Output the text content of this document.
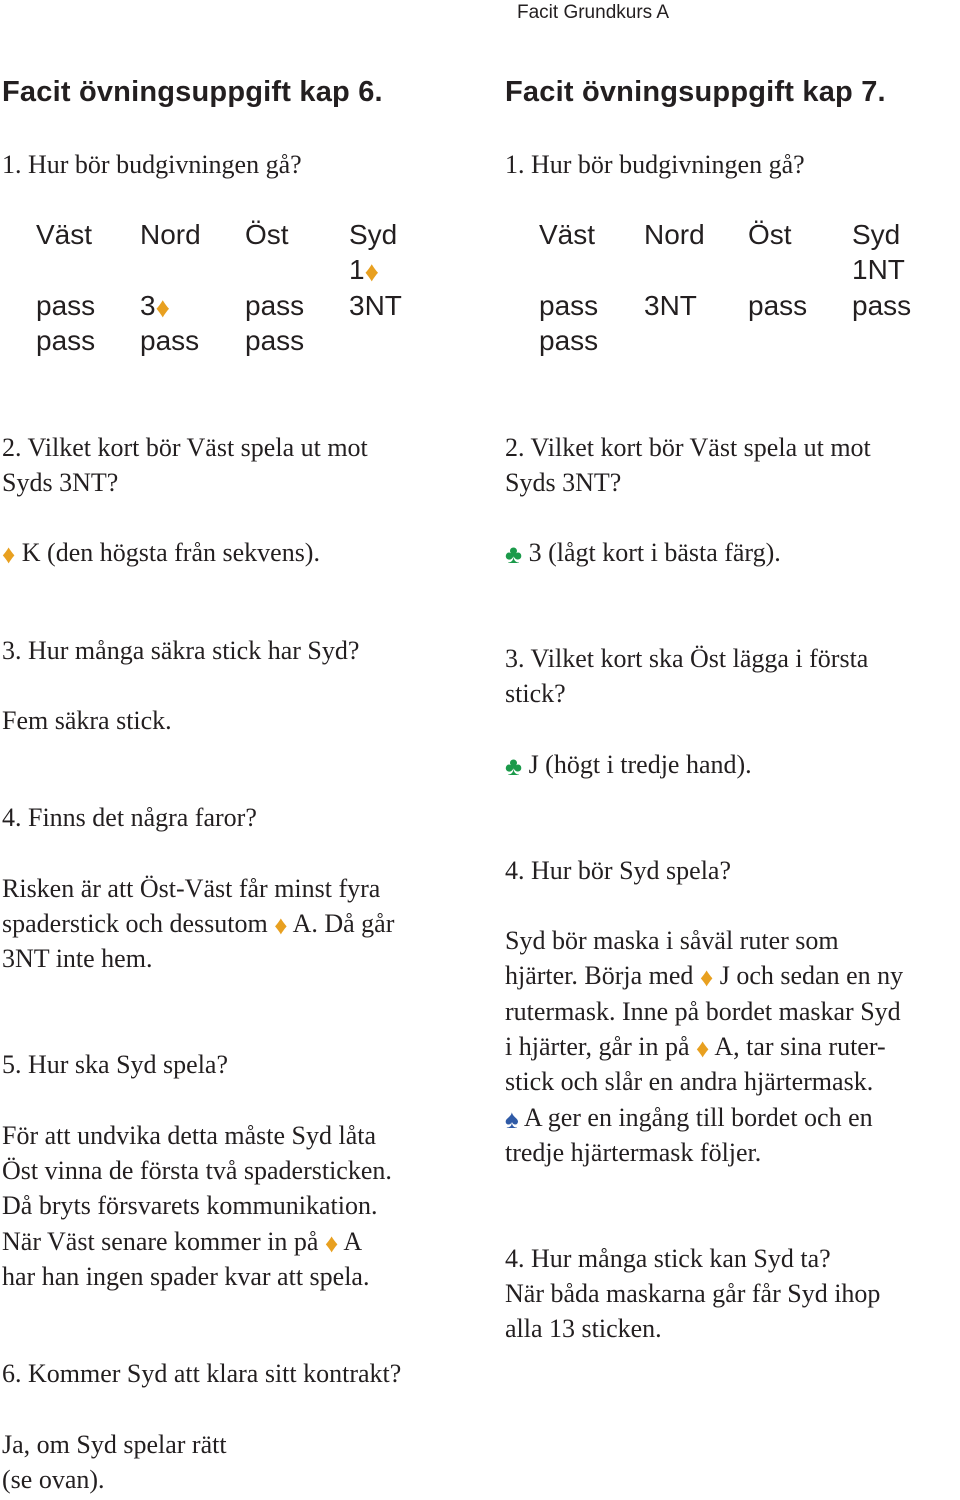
Facit Grundkurs A
Facit övningsuppgift kap 6.
1. Hur bör budgivningen gå?
Väst Nord Öst Syd
1♦
pass 3♦	pass 3NT
pass pass pass
2. Vilket kort bör Väst spela ut mot
Syds 3NT?
♦ K (den högsta från sekvens).
3. Hur många säkra stick har Syd?
Fem säkra stick.
4. Finns det några faror?
Risken är att Öst-Väst får minst fyra
spaderstick och dessutom ♦ A. Då går
3NT inte hem.
5. Hur ska Syd spela?
För att undvika detta måste Syd låta
Öst vinna de första två spadersticken.
Då bryts försvarets kommunikation.
När Väst senare kommer in på ♦ A
har han ingen spader kvar att spela.
6. Kommer Syd att klara sitt kontrakt?
Ja, om Syd spelar rätt
(se ovan).
Facit övningsuppgift kap 7.
1. Hur bör budgivningen gå?
Väst Nord Öst Syd
1NT
pass 3NT pass pass
pass
2. Vilket kort bör Väst spela ut mot
Syds 3NT?
♣ 3 (lågt kort i bästa färg).
3. Vilket kort ska Öst lägga i första
stick?
♣ J (högt i tredje hand).
4. Hur bör Syd spela?
Syd bör maska i såväl ruter som
hjärter. Börja med ♦ J och sedan en ny
rutermask. Inne på bordet maskar Syd
i hjärter, går in på ♦ A, tar sina ruter-
stick och slår en andra hjärtermask.
♠ A ger en ingång till bordet och en
tredje hjärtermask följer.
4. Hur många stick kan Syd ta?
När båda maskarna går får Syd ihop
alla 13 sticken.
